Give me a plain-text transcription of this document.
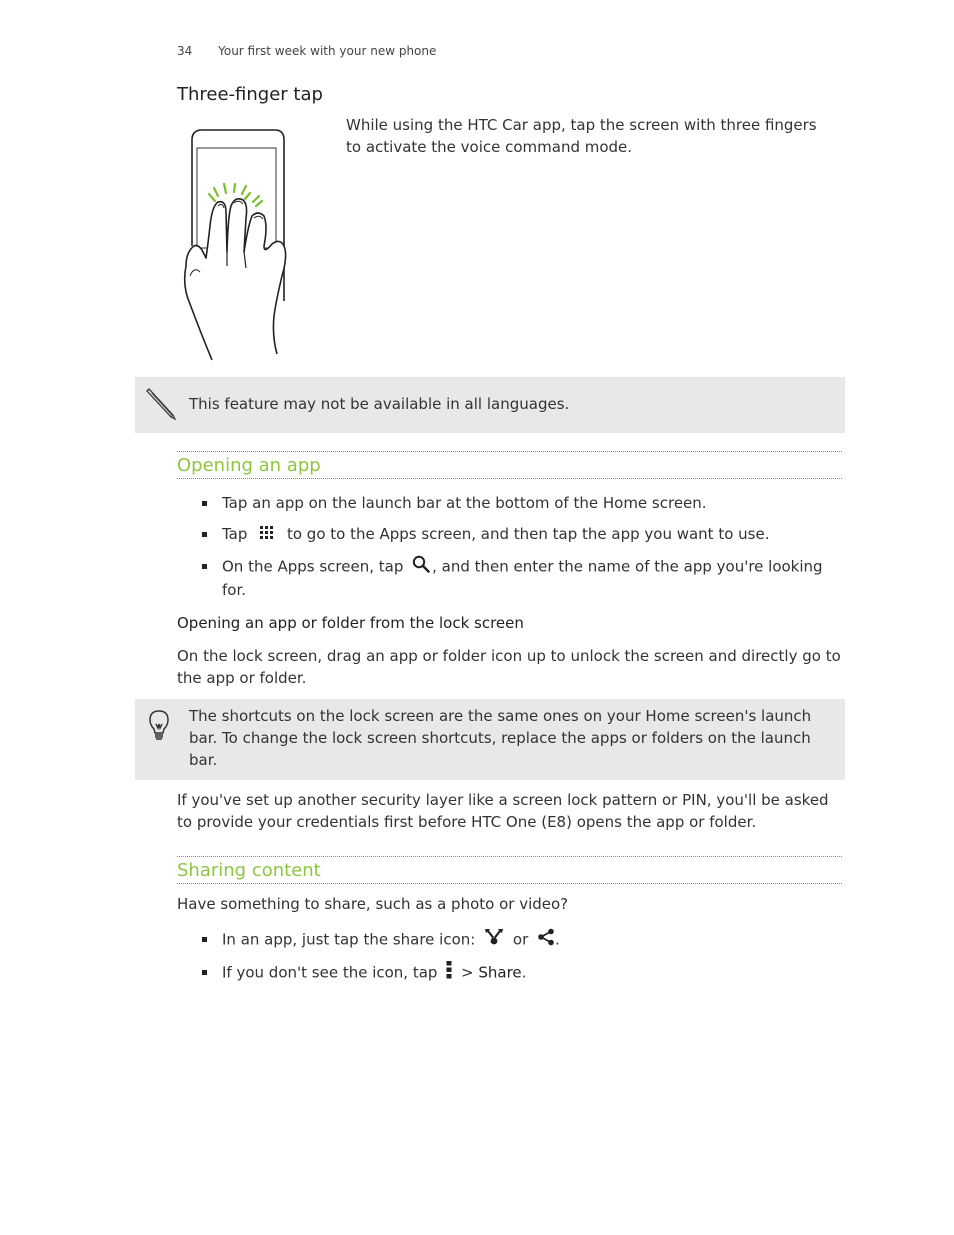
34 Your first week with your new phone
Three-finger tap
While using the HTC Car app, tap the screen with three fingers to activate the voice command mode.
This feature may not be available in all languages.
Opening an app
Tap an app on the launch bar at the bottom of the Home screen.
Tap	to go to the Apps screen, and then tap the app you want to use.
On the Apps screen, tap , and then enter the name of the app you're looking for.
Opening an app or folder from the lock screen
On the lock screen, drag an app or folder icon up to unlock the screen and directly go to the app or folder.
The shortcuts on the lock screen are the same ones on your Home screen's launch bar. To change the lock screen shortcuts, replace the apps or folders on the launch bar.
If you've set up another security layer like a screen lock pattern or PIN, you'll be asked to provide your credentials first before HTC One (E8) opens the app or folder.
Sharing content
Have something to share, such as a photo or video?
In an app, just tap the share icon:	or .
If you don't see the icon, tap > Share.
